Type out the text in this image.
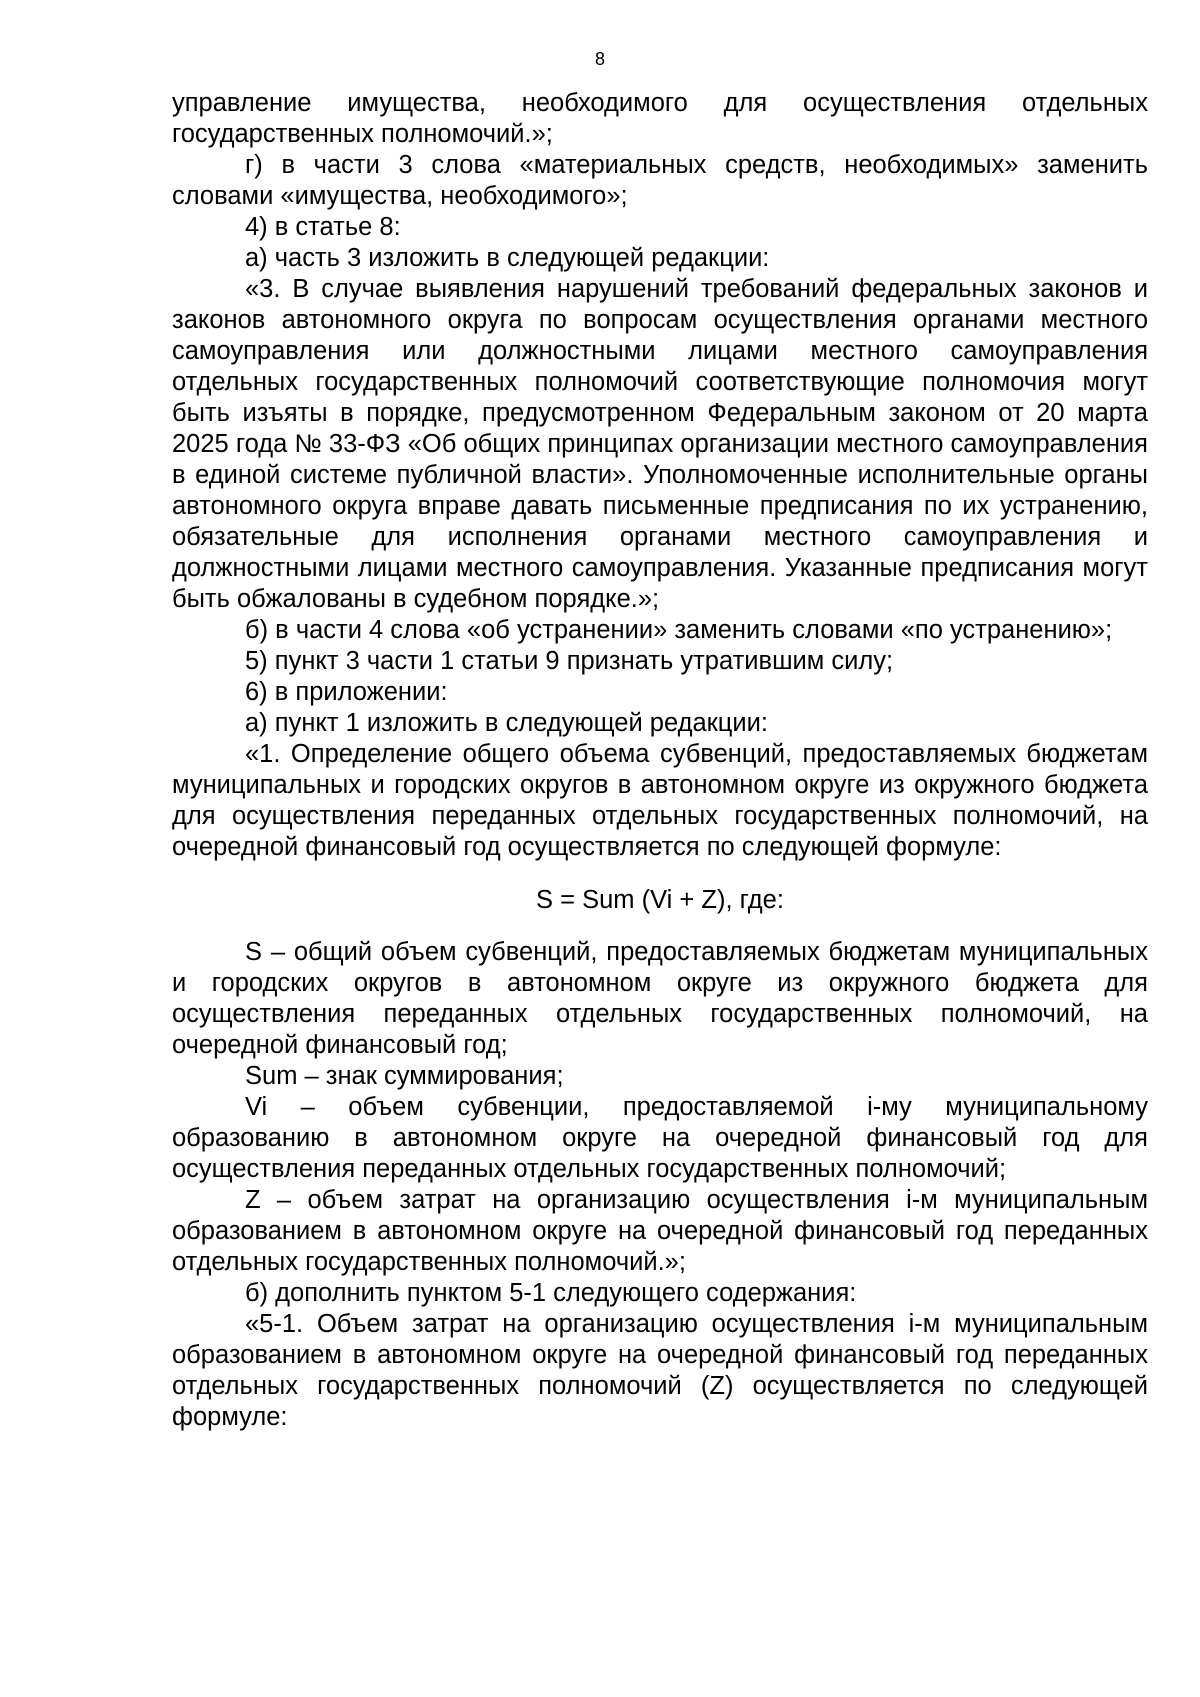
8

управление имущества, необходимого для осуществления отдельных государственных полномочий.»;

г) в части 3 слова «материальных средств, необходимых» заменить словами «имущества, необходимого»;

4) в статье 8:

а) часть 3 изложить в следующей редакции:

«3. В случае выявления нарушений требований федеральных законов и законов автономного округа по вопросам осуществления органами местного самоуправления или должностными лицами местного самоуправления отдельных государственных полномочий соответствующие полномочия могут быть изъяты в порядке, предусмотренном Федеральным законом от 20 марта 2025 года № 33-ФЗ «Об общих принципах организации местного самоуправления в единой системе публичной власти». Уполномоченные исполнительные органы автономного округа вправе давать письменные предписания по их устранению, обязательные для исполнения органами местного самоуправления и должностными лицами местного самоуправления. Указанные предписания могут быть обжалованы в судебном порядке.»;

б) в части 4 слова «об устранении» заменить словами «по устранению»;

5) пункт 3 части 1 статьи 9 признать утратившим силу;

6) в приложении:

а) пункт 1 изложить в следующей редакции:

«1. Определение общего объема субвенций, предоставляемых бюджетам муниципальных и городских округов в автономном округе из окружного бюджета для осуществления переданных отдельных государственных полномочий, на очередной финансовый год осуществляется по следующей формуле:

S = Sum (Vi + Z), где:

S – общий объем субвенций, предоставляемых бюджетам муниципальных и городских округов в автономном округе из окружного бюджета для осуществления переданных отдельных государственных полномочий, на очередной финансовый год;

Sum – знак суммирования;

Vi – объем субвенции, предоставляемой i-му муниципальному образованию в автономном округе на очередной финансовый год для осуществления переданных отдельных государственных полномочий;

Z – объем затрат на организацию осуществления i-м муниципальным образованием в автономном округе на очередной финансовый год переданных отдельных государственных полномочий.»;

б) дополнить пунктом 5-1 следующего содержания:

«5-1. Объем затрат на организацию осуществления i-м муниципальным образованием в автономном округе на очередной финансовый год переданных отдельных государственных полномочий (Z) осуществляется по следующей формуле:
